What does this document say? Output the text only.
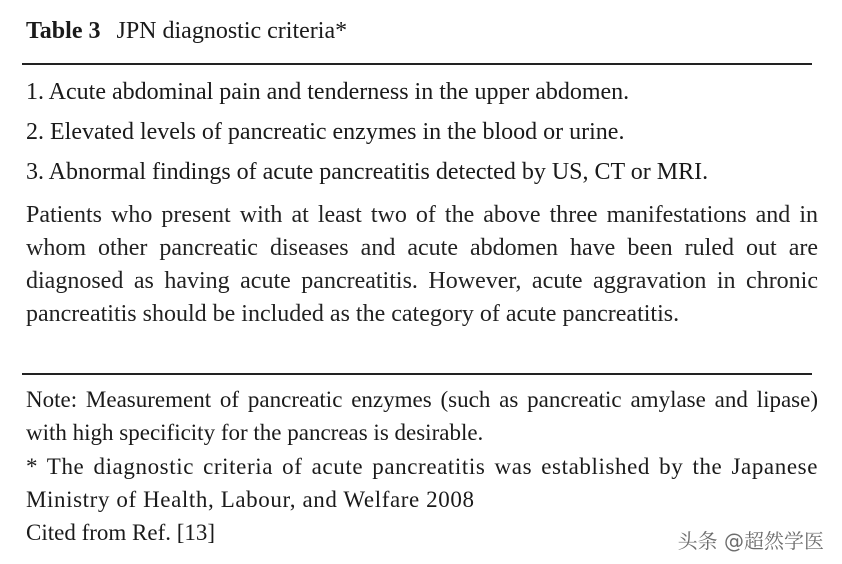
Table 3 JPN diagnostic criteria*
1. Acute abdominal pain and tenderness in the upper abdomen.
2. Elevated levels of pancreatic enzymes in the blood or urine.
3. Abnormal findings of acute pancreatitis detected by US, CT or MRI.

Patients who present with at least two of the above three manifestations and in whom other pancreatic diseases and acute abdomen have been ruled out are diagnosed as having acute pancreatitis. However, acute aggravation in chronic pancreatitis should be included as the category of acute pancreatitis.

Note: Measurement of pancreatic enzymes (such as pancreatic amylase and lipase) with high specificity for the pancreas is desirable.

* The diagnostic criteria of acute pancreatitis was established by the Japanese Ministry of Health, Labour, and Welfare 2008

Cited from Ref. [13]	头条 @超然学医
